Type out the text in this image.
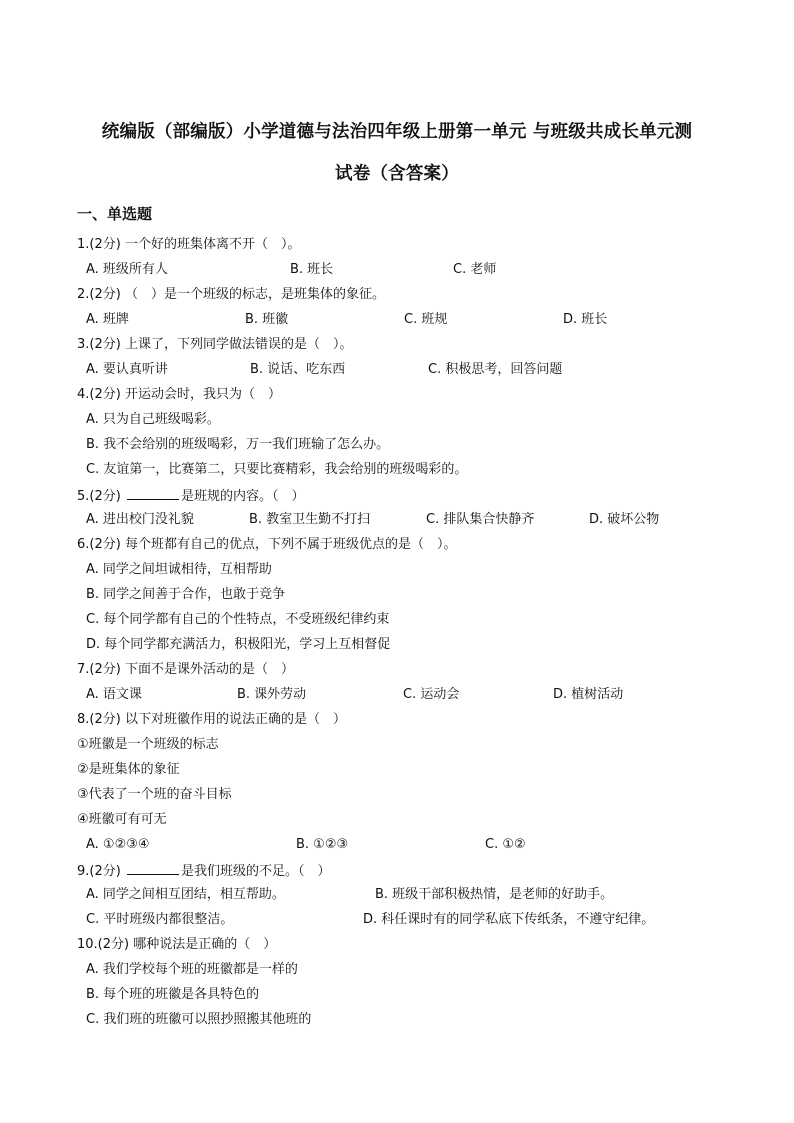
统编版（部编版）小学道德与法治四年级上册第一单元 与班级共成长单元测
试卷（含答案）
一、单选题
1.(2分) 一个好的班集体离不开（　）。
A. 班级所有人	B. 班长	C. 老师
2.(2分) （　）是一个班级的标志，是班集体的象征。
A. 班牌	B. 班徽	C. 班规	D. 班长
3.(2分) 上课了，下列同学做法错误的是（　）。
A. 要认真听讲	B. 说话、吃东西	C. 积极思考，回答问题
4.(2分) 开运动会时，我只为（　）
A. 只为自己班级喝彩。
B. 我不会给别的班级喝彩，万一我们班输了怎么办。
C. 友谊第一，比赛第二，只要比赛精彩，我会给别的班级喝彩的。
5.(2分)	是班规的内容。（　）
A. 进出校门没礼貌	B. 教室卫生勤不打扫	C. 排队集合快静齐	D. 破坏公物
6.(2分) 每个班都有自己的优点，下列不属于班级优点的是（　）。
A. 同学之间坦诚相待，互相帮助
B. 同学之间善于合作，也敢于竞争
C. 每个同学都有自己的个性特点，不受班级纪律约束
D. 每个同学都充满活力，积极阳光，学习上互相督促
7.(2分) 下面不是课外活动的是（　）
A. 语文课	B. 课外劳动	C. 运动会	D. 植树活动
8.(2分) 以下对班徽作用的说法正确的是（　）
①班徽是一个班级的标志
②是班集体的象征
③代表了一个班的奋斗目标
④班徽可有可无
A. ①②③④	B. ①②③	C. ①②
9.(2分)	是我们班级的不足。（　）
A. 同学之间相互团结，相互帮助。	B. 班级干部积极热情，是老师的好助手。
C. 平时班级内都很整洁。	D. 科任课时有的同学私底下传纸条，不遵守纪律。
10.(2分) 哪种说法是正确的（　）
A. 我们学校每个班的班徽都是一样的
B. 每个班的班徽是各具特色的
C. 我们班的班徽可以照抄照搬其他班的
